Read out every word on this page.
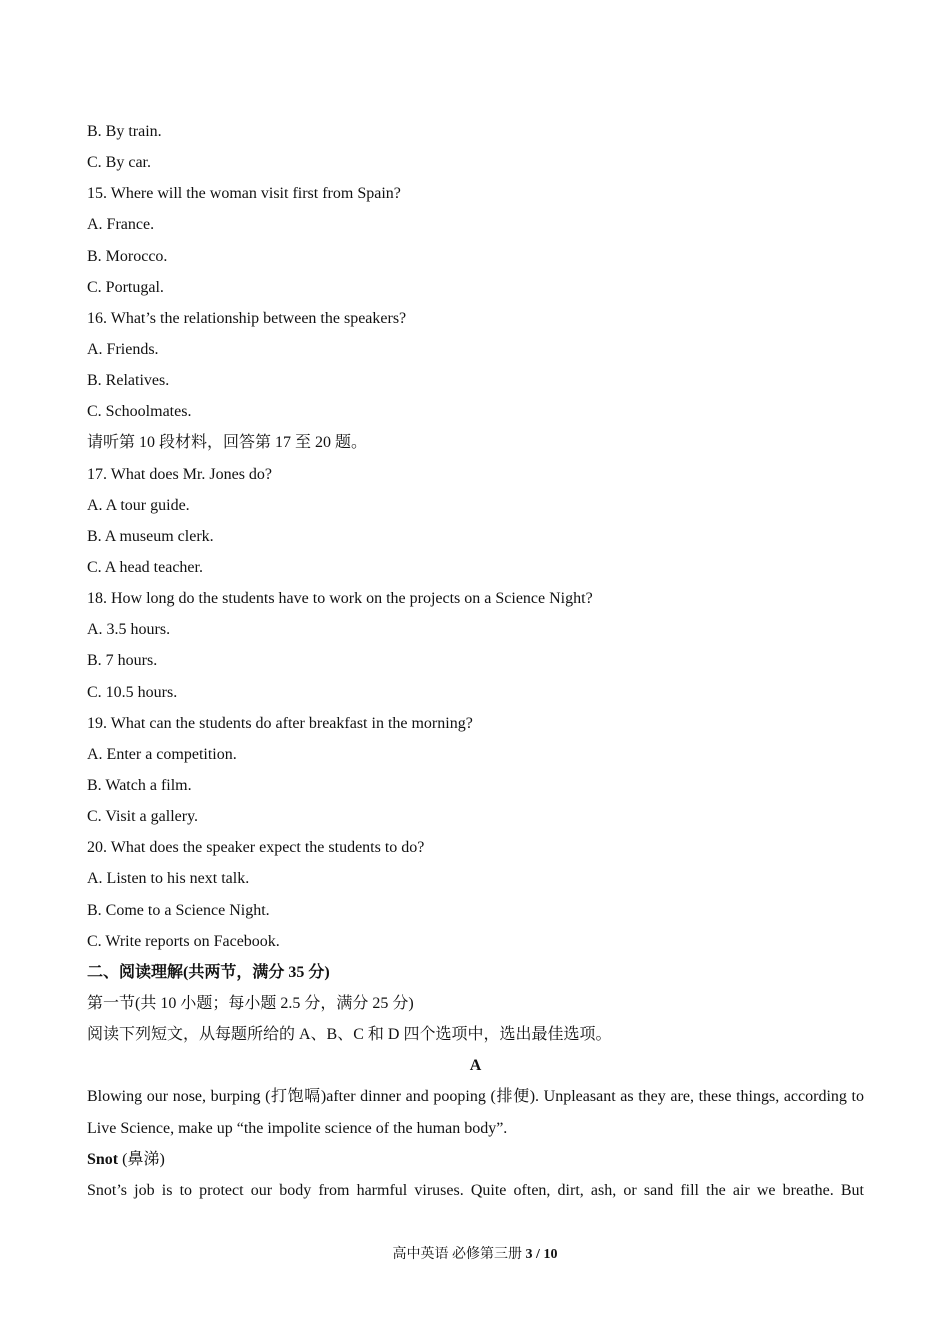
B. By train.
C. By car.
15. Where will the woman visit first from Spain?
A. France.
B. Morocco.
C. Portugal.
16. What’s the relationship between the speakers?
A. Friends.
B. Relatives.
C. Schoolmates.
请听第 10 段材料，回答第 17 至 20 题。
17. What does Mr. Jones do?
A. A tour guide.
B. A museum clerk.
C. A head teacher.
18. How long do the students have to work on the projects on a Science Night?
A. 3.5 hours.
B. 7 hours.
C. 10.5 hours.
19. What can the students do after breakfast in the morning?
A. Enter a competition.
B. Watch a film.
C. Visit a gallery.
20. What does the speaker expect the students to do?
A. Listen to his next talk.
B. Come to a Science Night.
C. Write reports on Facebook.
二、阅读理解(共两节，满分 35 分)
第一节(共 10 小题；每小题 2.5 分，满分 25 分)
阅读下列短文，从每题所给的 A、B、C 和 D 四个选项中，选出最佳选项。
A
Blowing our nose, burping (打饱嗝)after dinner and pooping (排便). Unpleasant as they are, these things, according to Live Science, make up “the impolite science of the human body”.
Snot (鼻涕)
Snot’s job is to protect our body from harmful viruses. Quite often, dirt, ash, or sand fill the air we breathe. But
高中英语 必修第三册 3 / 10
